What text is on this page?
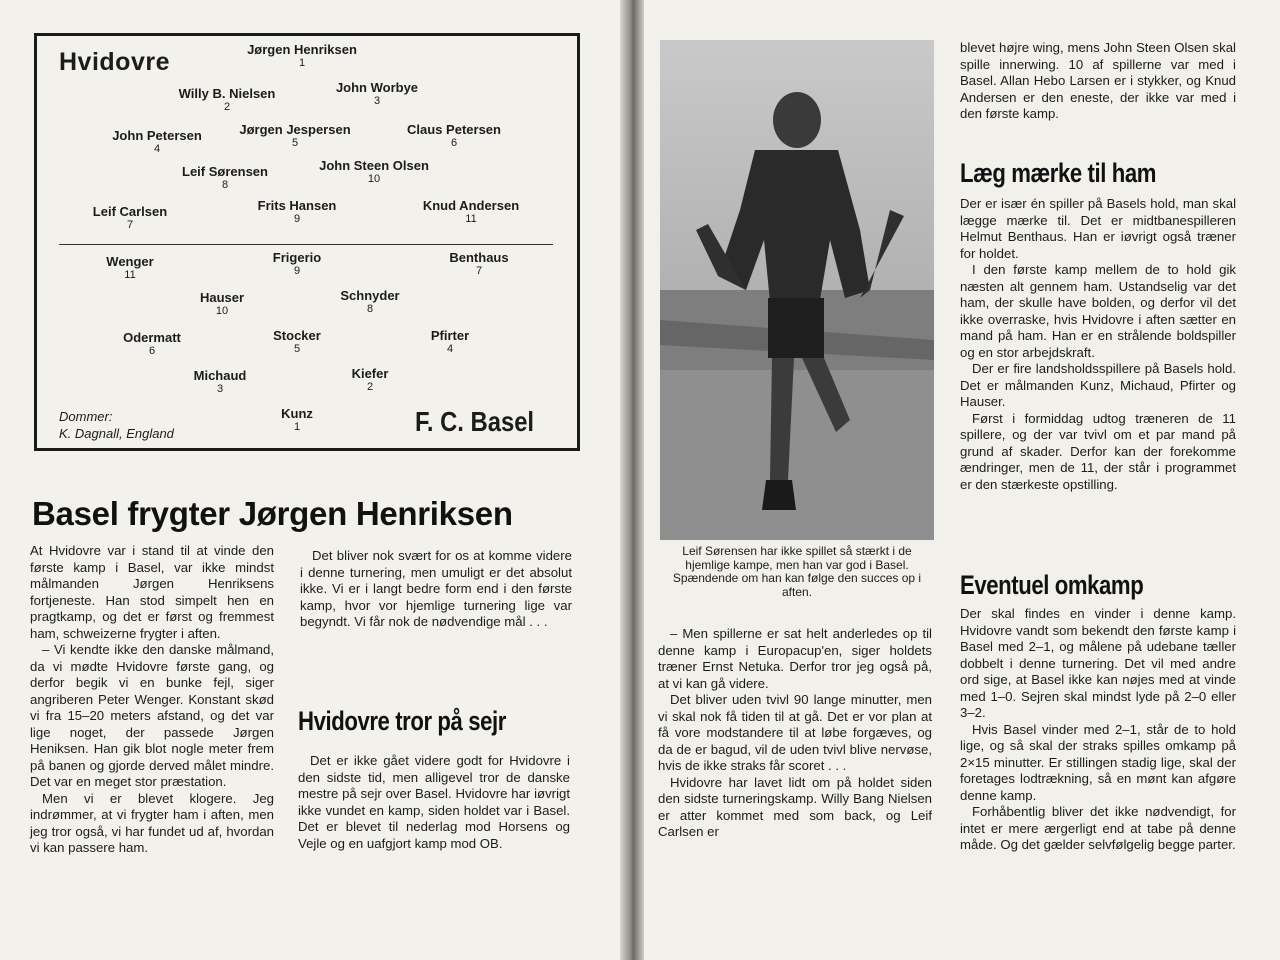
Hvidovre	Jørgen Henriksen
1
Willy B. Nielsen
2
John Worbye
3
John Petersen
4
Jørgen Jespersen
5
Claus Petersen
6
Leif Sørensen
8
John Steen Olsen
10
Leif Carlsen
7
Frits Hansen
9
Knud Andersen
11
Wenger
11
Frigerio
9
Benthaus
7
Hauser
10
Schnyder
8
Odermatt
6
Stocker
5
Pfirter
4
Michaud
3
Kiefer
2
Kunz
1
Dommer:
K. Dagnall, England	F. C. Basel
Basel frygter Jørgen Henriksen

At Hvidovre var i stand til at vinde den første kamp i Basel, var ikke mindst målmanden Jørgen Henriksens fortjeneste. Han stod simpelt hen en pragtkamp, og det er først og fremmest ham, schweizerne frygter i aften.

– Vi kendte ikke den danske målmand, da vi mødte Hvidovre første gang, og derfor begik vi en bunke fejl, siger angriberen Peter Wenger. Konstant skød vi fra 15–20 meters afstand, og det var lige noget, der passede Jørgen Heniksen. Han gik blot nogle meter frem på banen og gjorde derved målet mindre. Det var en meget stor præstation.

Men vi er blevet klogere. Jeg indrømmer, at vi frygter ham i aften, men jeg tror også, vi har fundet ud af, hvordan vi kan passere ham.

Det bliver nok svært for os at komme videre i denne turnering, men umuligt er det absolut ikke. Vi er i langt bedre form end i den første kamp, hvor vor hjemlige turnering lige var begyndt. Vi får nok de nødvendige mål . . .

Hvidovre tror på sejr

Det er ikke gået videre godt for Hvidovre i den sidste tid, men alligevel tror de danske mestre på sejr over Basel. Hvidovre har iøvrigt ikke vundet en kamp, siden holdet var i Basel. Det er blevet til nederlag mod Horsens og Vejle og en uafgjort kamp mod OB.

Leif Sørensen har ikke spillet så stærkt i de hjemlige kampe, men han var god i Basel. Spændende om han kan følge den succes op i aften.

– Men spillerne er sat helt anderledes op til denne kamp i Europacup'en, siger holdets træner Ernst Netuka. Derfor tror jeg også på, at vi kan gå videre.

Det bliver uden tvivl 90 lange minutter, men vi skal nok få tiden til at gå. Det er vor plan at få vore modstandere til at løbe forgæves, og da de er bagud, vil de uden tvivl blive nervøse, hvis de ikke straks får scoret . . .

Hvidovre har lavet lidt om på holdet siden den sidste turneringskamp. Willy Bang Nielsen er atter kommet med som back, og Leif Carlsen er

blevet højre wing, mens John Steen Olsen skal spille innerwing. 10 af spillerne var med i Basel. Allan Hebo Larsen er i stykker, og Knud Andersen er den eneste, der ikke var med i den første kamp.

Læg mærke til ham

Der er især én spiller på Basels hold, man skal lægge mærke til. Det er midtbanespilleren Helmut Benthaus. Han er iøvrigt også træner for holdet.

I den første kamp mellem de to hold gik næsten alt gennem ham. Ustandselig var det ham, der skulle have bolden, og derfor vil det ikke overraske, hvis Hvidovre i aften sætter en mand på ham. Han er en strålende boldspiller og en stor arbejdskraft.

Der er fire landsholdsspillere på Basels hold. Det er målmanden Kunz, Michaud, Pfirter og Hauser.

Først i formiddag udtog træneren de 11 spillere, og der var tvivl om et par mand på grund af skader. Derfor kan der forekomme ændringer, men de 11, der står i programmet er den stærkeste opstilling.

Eventuel omkamp

Der skal findes en vinder i denne kamp. Hvidovre vandt som bekendt den første kamp i Basel med 2–1, og målene på udebane tæller dobbelt i denne turnering. Det vil med andre ord sige, at Basel ikke kan nøjes med at vinde med 1–0. Sejren skal mindst lyde på 2–0 eller 3–2.

Hvis Basel vinder med 2–1, står de to hold lige, og så skal der straks spilles omkamp på 2×15 minutter. Er stillingen stadig lige, skal der foretages lodtrækning, så en mønt kan afgøre denne kamp.

Forhåbentlig bliver det ikke nødvendigt, for intet er mere ærgerligt end at tabe på denne måde. Og det gælder selvfølgelig begge parter.
